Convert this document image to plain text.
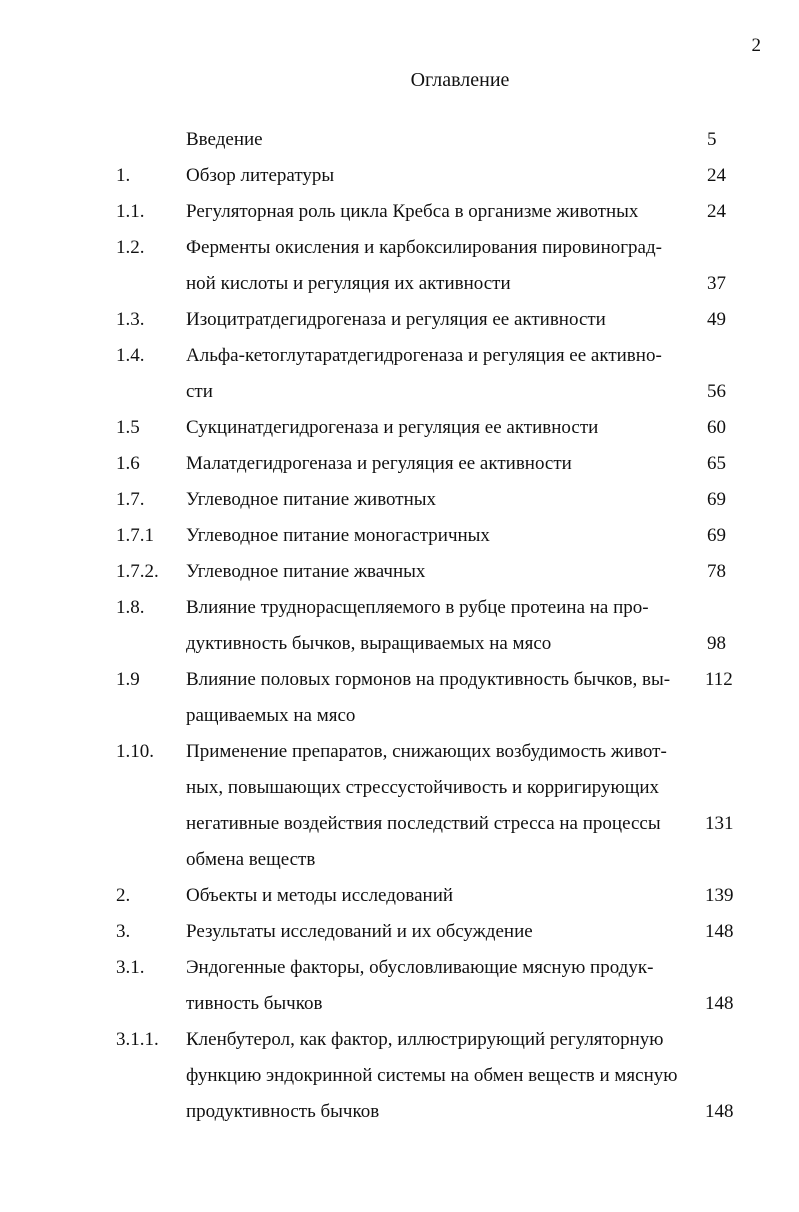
2
Оглавление
Введение	5
1.	Обзор литературы	24
1.1. Регуляторная роль цикла Кребса в организме животных	24
1.2. Ферменты окисления и карбоксилирования пировиноград-
ной кислоты и регуляция их активности	37
1.3. Изоцитратдегидрогеназа и регуляция ее активности	49
1.4. Альфа-кетоглутаратдегидрогеназа и регуляция ее активно-
сти	56
1.5 Сукцинатдегидрогеназа и регуляция ее активности	60
1.6 Малатдегидрогеназа и регуляция ее активности	65
1.7. Углеводное питание животных	69
1.7.1 Углеводное питание моногастричных	69
1.7.2. Углеводное питание жвачных	78
1.8. Влияние труднорасщепляемого в рубце протеина на про-
дуктивность бычков, выращиваемых на мясо	98
1.9 Влияние половых гормонов на продуктивность бычков, вы- 112
ращиваемых на мясо
1.10. Применение препаратов, снижающих возбудимость живот-
ных, повышающих стрессустойчивость и корригирующих
негативные воздействия последствий стресса на процессы 131
обмена веществ
2.	Объекты и методы исследований	139
3.	Результаты исследований и их обсуждение	148
3.1. Эндогенные факторы, обусловливающие мясную продук-
тивность бычков	148
3.1.1. Кленбутерол, как фактор, иллюстрирующий регуляторную
функцию эндокринной системы на обмен веществ и мясную
продуктивность бычков	148
